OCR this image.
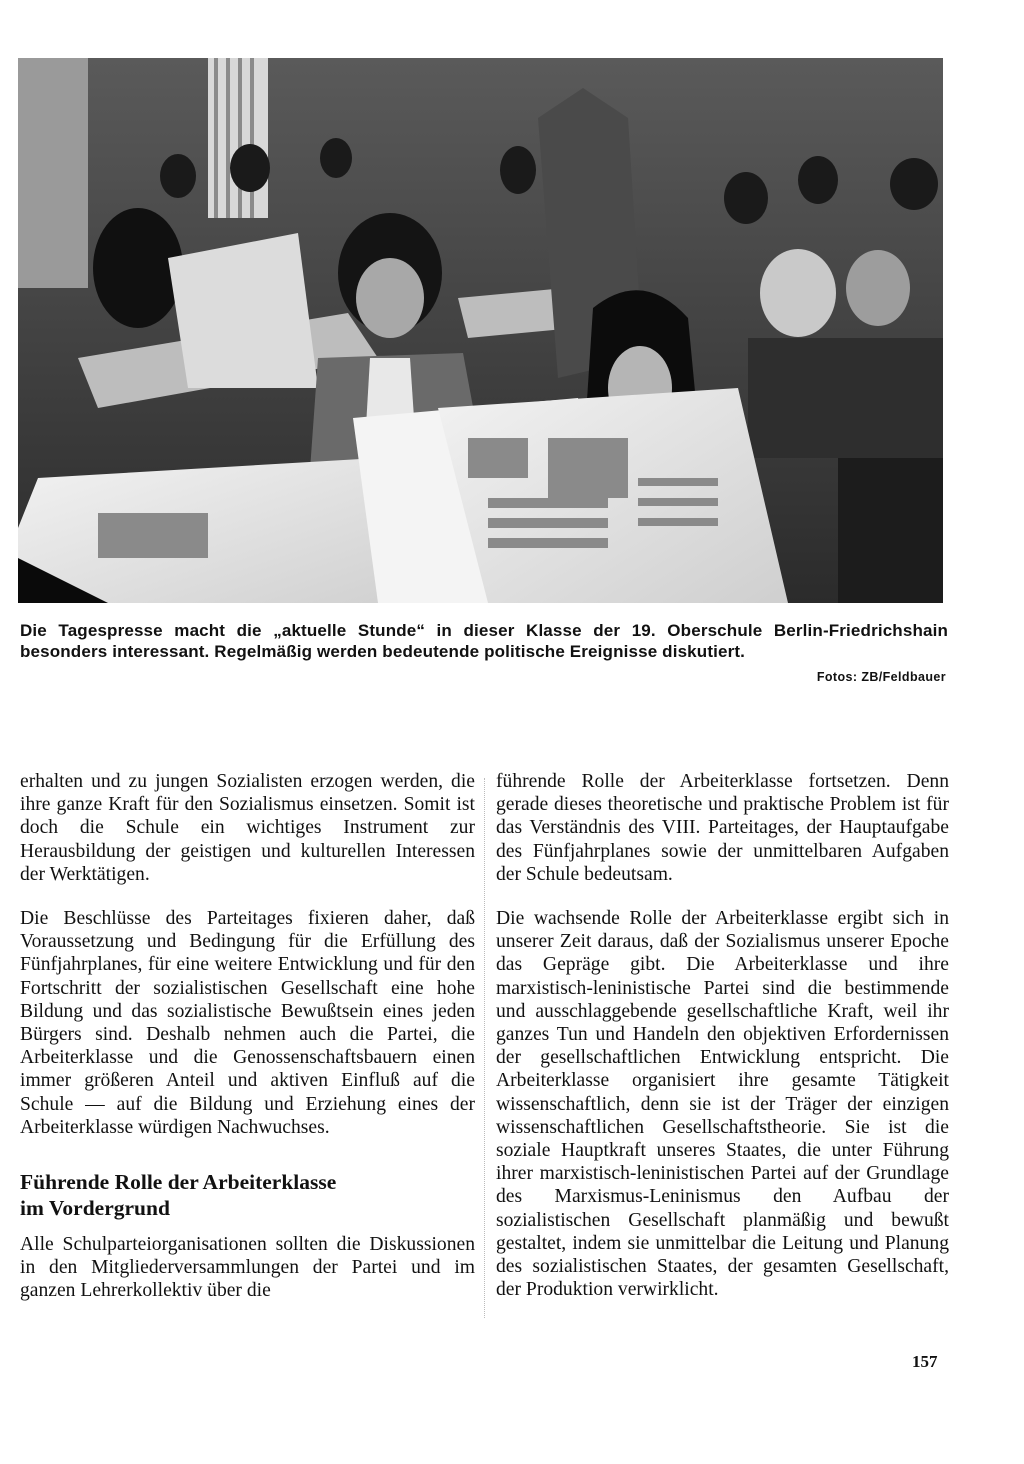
Die Tagespresse macht die „aktuelle Stunde“ in dieser Klasse der 19. Oberschule Berlin-Friedrichshain besonders interessant. Regelmäßig werden bedeutende politische Ereignisse diskutiert.

Fotos: ZB/Feldbauer

erhalten und zu jungen Sozialisten erzogen werden, die ihre ganze Kraft für den Sozialismus einsetzen. Somit ist doch die Schule ein wichtiges Instrument zur Herausbildung der geistigen und kulturellen Interessen der Werktätigen.

Die Beschlüsse des Parteitages fixieren daher, daß Voraussetzung und Bedingung für die Erfüllung des Fünfjahrplanes, für eine weitere Entwicklung und für den Fortschritt der sozialistischen Gesellschaft eine hohe Bildung und das sozialistische Bewußtsein eines jeden Bürgers sind. Deshalb nehmen auch die Partei, die Arbeiterklasse und die Genossenschaftsbauern einen immer größeren Anteil und aktiven Einfluß auf die Schule — auf die Bildung und Erziehung eines der Arbeiterklasse würdigen Nachwuchses.

Führende Rolle der Arbeiterklasse
im Vordergrund

Alle Schulparteiorganisationen sollten die Diskussionen in den Mitgliederversammlungen der Partei und im ganzen Lehrerkollektiv über die

führende Rolle der Arbeiterklasse fortsetzen. Denn gerade dieses theoretische und praktische Problem ist für das Verständnis des VIII. Parteitages, der Hauptaufgabe des Fünfjahrplanes sowie der unmittelbaren Aufgaben der Schule bedeutsam.

Die wachsende Rolle der Arbeiterklasse ergibt sich in unserer Zeit daraus, daß der Sozialismus unserer Epoche das Gepräge gibt. Die Arbeiterklasse und ihre marxistisch-leninistische Partei sind die bestimmende und ausschlaggebende gesellschaftliche Kraft, weil ihr ganzes Tun und Handeln den objektiven Erfordernissen der gesellschaftlichen Entwicklung entspricht. Die Arbeiterklasse organisiert ihre gesamte Tätigkeit wissenschaftlich, denn sie ist der Träger der einzigen wissenschaftlichen Gesellschaftstheorie. Sie ist die soziale Hauptkraft unseres Staates, die unter Führung ihrer marxistisch-leninistischen Partei auf der Grundlage des Marxismus-Leninismus den Aufbau der sozialistischen Gesellschaft planmäßig und bewußt gestaltet, indem sie unmittelbar die Leitung und Planung des sozialistischen Staates, der gesamten Gesellschaft, der Produktion verwirklicht.

157
